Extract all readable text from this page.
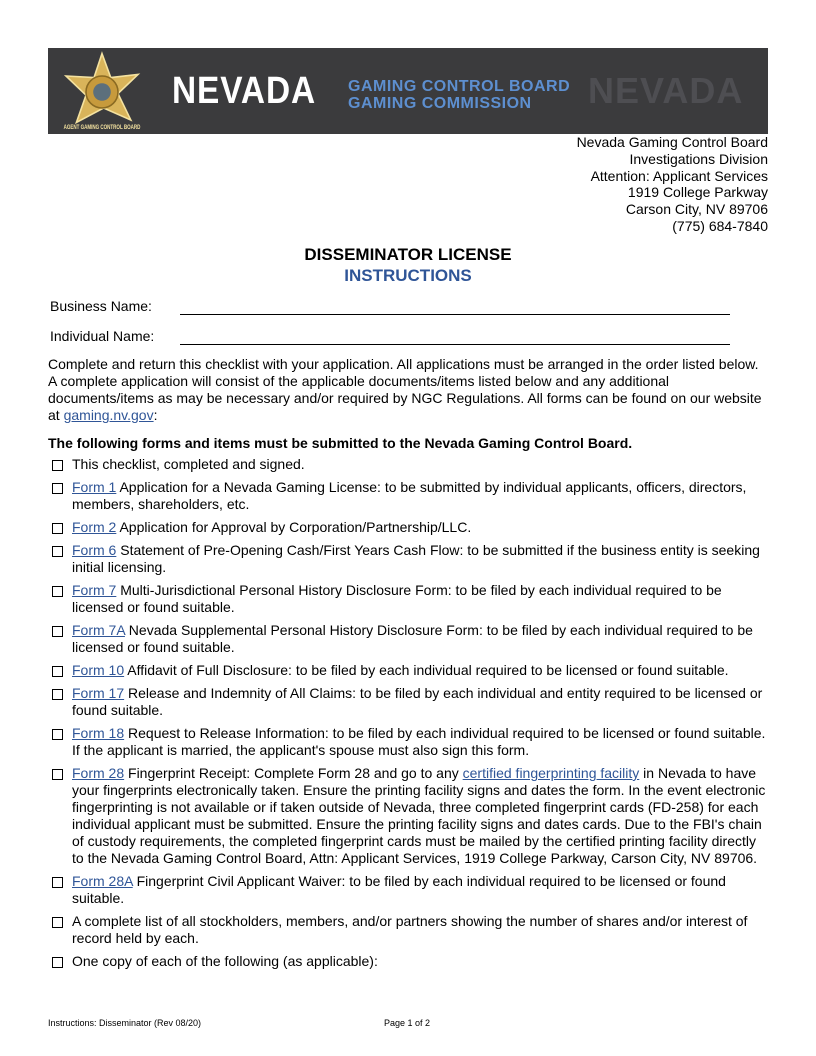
NEVADA
AGENT GAMING CONTROL BOARD
NEVADA GAMING CONTROL BOARD
GAMING COMMISSION
Nevada Gaming Control Board
Investigations Division
Attention: Applicant Services
1919 College Parkway
Carson City, NV 89706
(775) 684-7840
DISSEMINATOR LICENSE
INSTRUCTIONS
Business Name:
Individual Name:
Complete and return this checklist with your application. All applications must be arranged in the order listed below. A complete application will consist of the applicable documents/items listed below and any additional documents/items as may be necessary and/or required by NGC Regulations. All forms can be found on our website at gaming.nv.gov:
The following forms and items must be submitted to the Nevada Gaming Control Board.
This checklist, completed and signed.
Form 1 Application for a Nevada Gaming License: to be submitted by individual applicants, officers, directors, members, shareholders, etc.
Form 2 Application for Approval by Corporation/Partnership/LLC.
Form 6 Statement of Pre-Opening Cash/First Years Cash Flow: to be submitted if the business entity is seeking initial licensing.
Form 7 Multi-Jurisdictional Personal History Disclosure Form: to be filed by each individual required to be licensed or found suitable.
Form 7A Nevada Supplemental Personal History Disclosure Form: to be filed by each individual required to be licensed or found suitable.
Form 10 Affidavit of Full Disclosure: to be filed by each individual required to be licensed or found suitable.
Form 17 Release and Indemnity of All Claims: to be filed by each individual and entity required to be licensed or found suitable.
Form 18 Request to Release Information: to be filed by each individual required to be licensed or found suitable. If the applicant is married, the applicant's spouse must also sign this form.
Form 28 Fingerprint Receipt: Complete Form 28 and go to any certified fingerprinting facility in Nevada to have your fingerprints electronically taken. Ensure the printing facility signs and dates the form. In the event electronic fingerprinting is not available or if taken outside of Nevada, three completed fingerprint cards (FD-258) for each individual applicant must be submitted. Ensure the printing facility signs and dates cards. Due to the FBI's chain of custody requirements, the completed fingerprint cards must be mailed by the certified printing facility directly to the Nevada Gaming Control Board, Attn: Applicant Services, 1919 College Parkway, Carson City, NV 89706.
Form 28A Fingerprint Civil Applicant Waiver: to be filed by each individual required to be licensed or found suitable.
A complete list of all stockholders, members, and/or partners showing the number of shares and/or interest of record held by each.
One copy of each of the following (as applicable):
Instructions: Disseminator (Rev 08/20)	Page 1 of 2
